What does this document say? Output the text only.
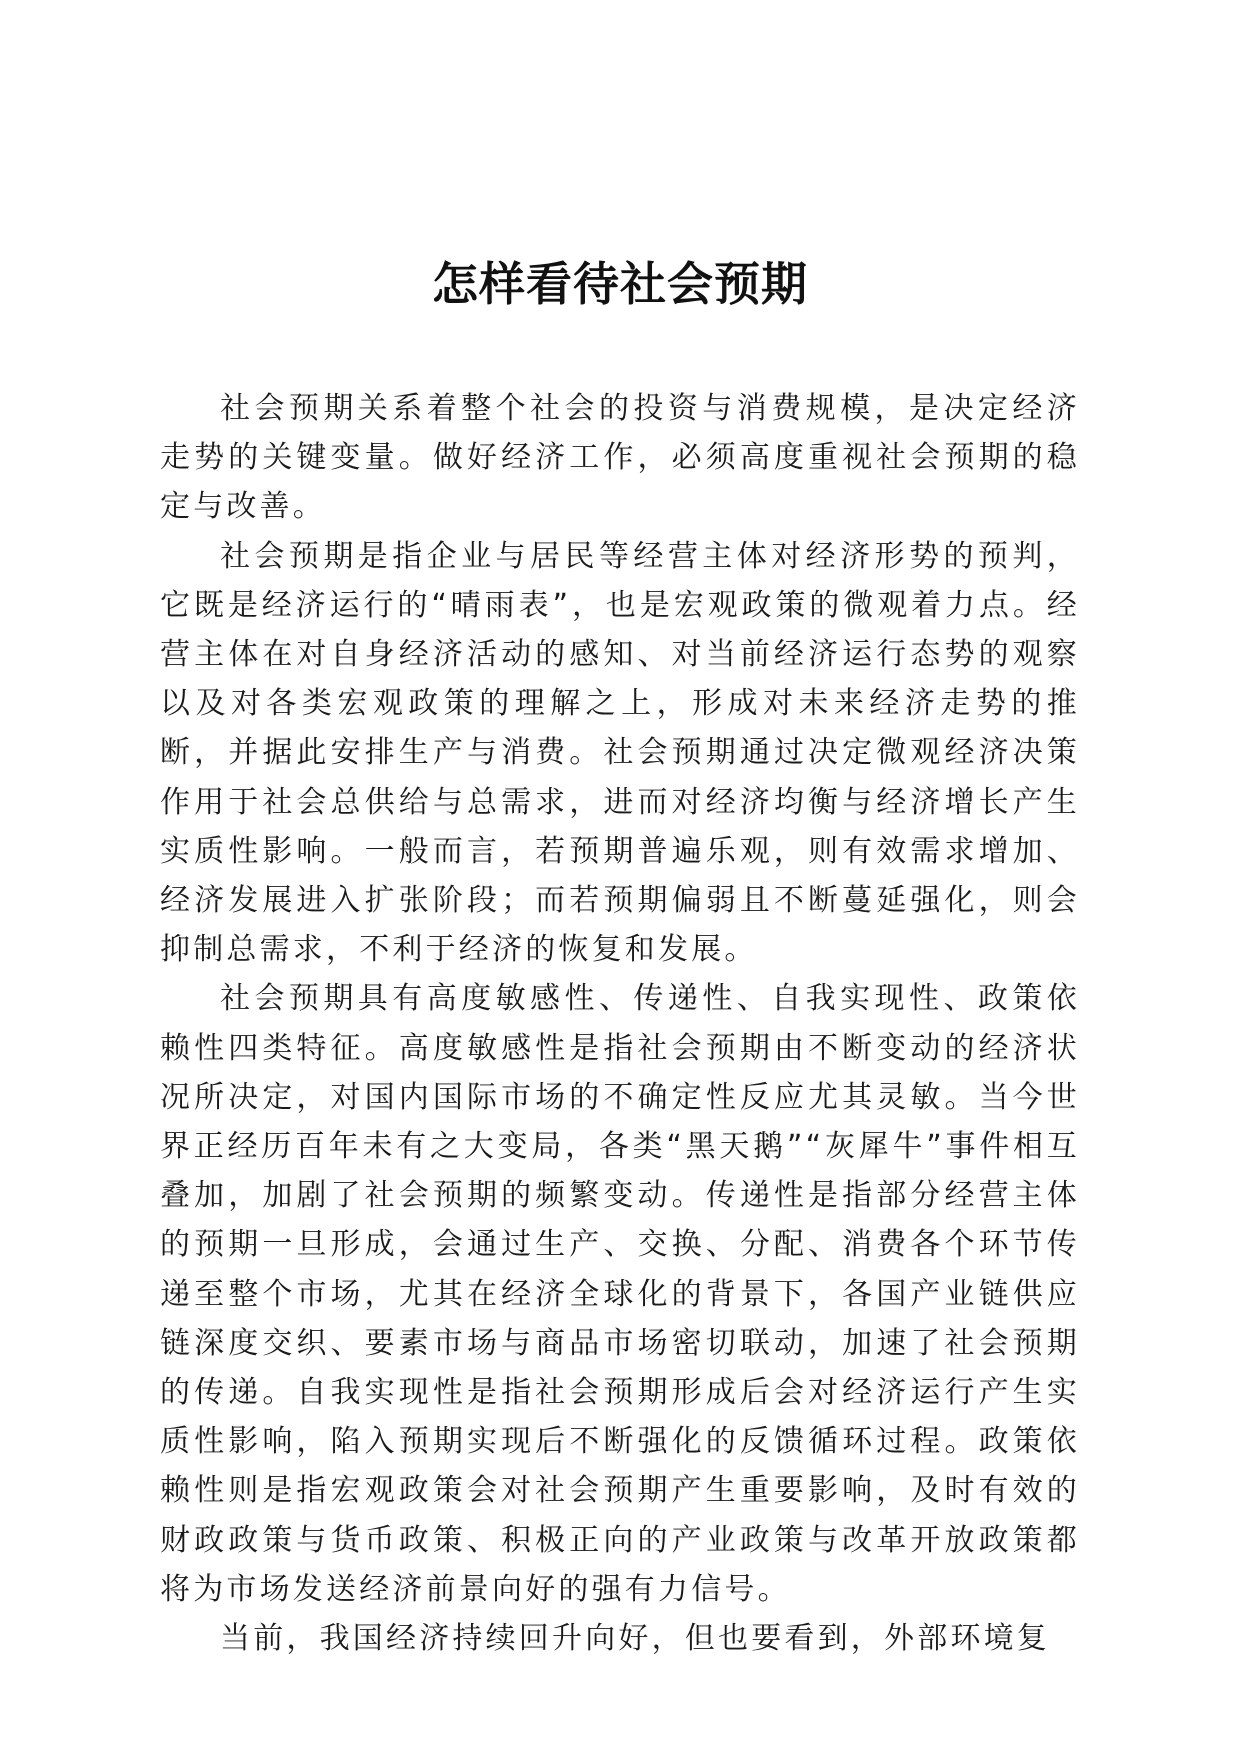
怎样看待社会预期

社会预期关系着整个社会的投资与消费规模，是决定经济走势的关键变量。做好经济工作，必须高度重视社会预期的稳定与改善。

社会预期是指企业与居民等经营主体对经济形势的预判，它既是经济运行的“晴雨表”，也是宏观政策的微观着力点。经营主体在对自身经济活动的感知、对当前经济运行态势的观察以及对各类宏观政策的理解之上，形成对未来经济走势的推断，并据此安排生产与消费。社会预期通过决定微观经济决策作用于社会总供给与总需求，进而对经济均衡与经济增长产生实质性影响。一般而言，若预期普遍乐观，则有效需求增加、经济发展进入扩张阶段；而若预期偏弱且不断蔓延强化，则会抑制总需求，不利于经济的恢复和发展。

社会预期具有高度敏感性、传递性、自我实现性、政策依赖性四类特征。高度敏感性是指社会预期由不断变动的经济状况所决定，对国内国际市场的不确定性反应尤其灵敏。当今世界正经历百年未有之大变局，各类“黑天鹅”“灰犀牛”事件相互叠加，加剧了社会预期的频繁变动。传递性是指部分经营主体的预期一旦形成，会通过生产、交换、分配、消费各个环节传递至整个市场，尤其在经济全球化的背景下，各国产业链供应链深度交织、要素市场与商品市场密切联动，加速了社会预期的传递。自我实现性是指社会预期形成后会对经济运行产生实质性影响，陷入预期实现后不断强化的反馈循环过程。政策依赖性则是指宏观政策会对社会预期产生重要影响，及时有效的财政政策与货币政策、积极正向的产业政策与改革开放政策都将为市场发送经济前景向好的强有力信号。

当前，我国经济持续回升向好，但也要看到，外部环境复
